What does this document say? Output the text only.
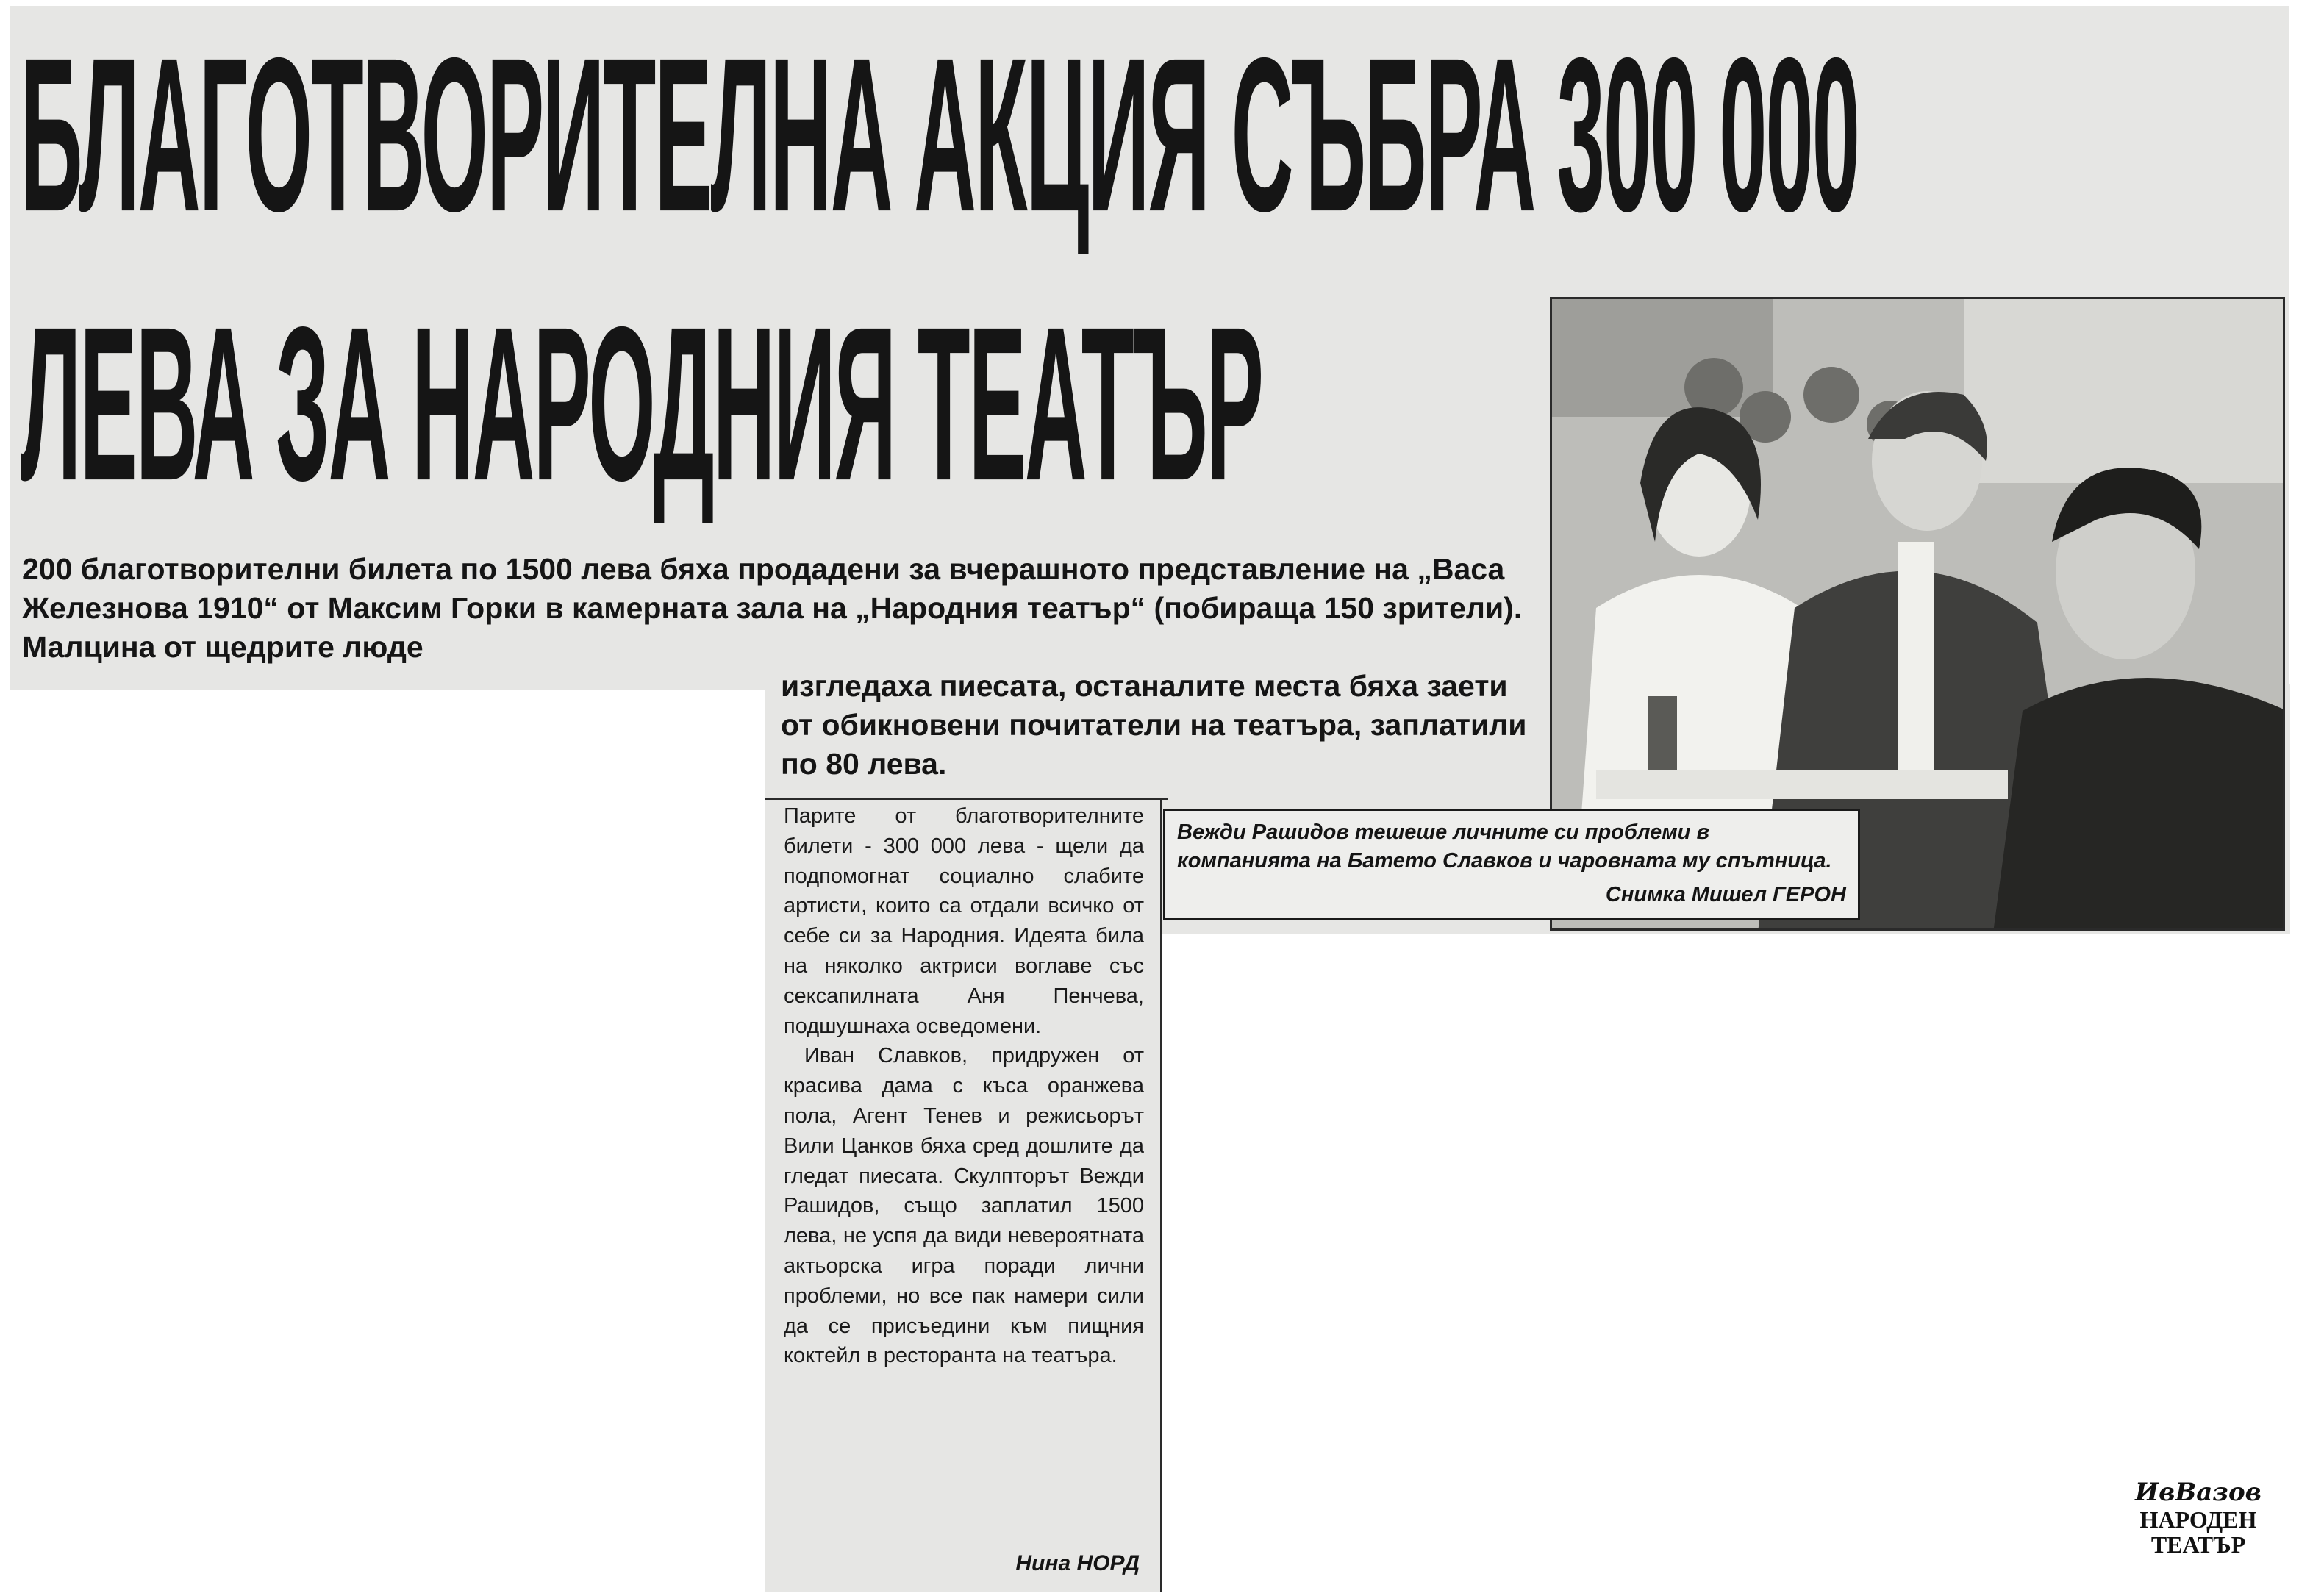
БЛАГОТВОРИТЕЛНА АКЦИЯ СЪБРА 300 000
ЛЕВА ЗА НАРОДНИЯ ТЕАТЪР

200 благотворителни билета по 1500 лева бяха продадени за вчерашното представление на „Васа Железнова 1910“ от Максим Горки в камерната зала на „Народния театър“ (побираща 150 зрители). Малцина от щедрите люде

изгледаха пиесата, останалите места бяха заети от обикновени почитатели на театъра, заплатили по 80 лева.

Парите от благотворителните билети - 300 000 лева - щели да подпомогнат социално слабите артисти, които са отдали всичко от себе си за Народния. Идеята била на няколко актриси воглаве със сексапилната Аня Пенчева, подшушнаха осведомени.

Иван Славков, придружен от красива дама с къса оранжева пола, Агент Тенев и режисьорът Вили Цанков бяха сред дошлите да гледат пиесата. Скулпторът Вежди Рашидов, също заплатил 1500 лева, не успя да види невероятната актьорска игра поради лични проблеми, но все пак намери сили да се присъедини към пищния коктейл в ресторанта на театъра.

Нина НОРД
Вежди Рашидов тешеше личните си проблеми в компанията на Батето Славков и чаровната му спътница.
Снимка Мишел ГЕРОН
ИвВазов
НАРОДЕН
ТЕАТЪР
